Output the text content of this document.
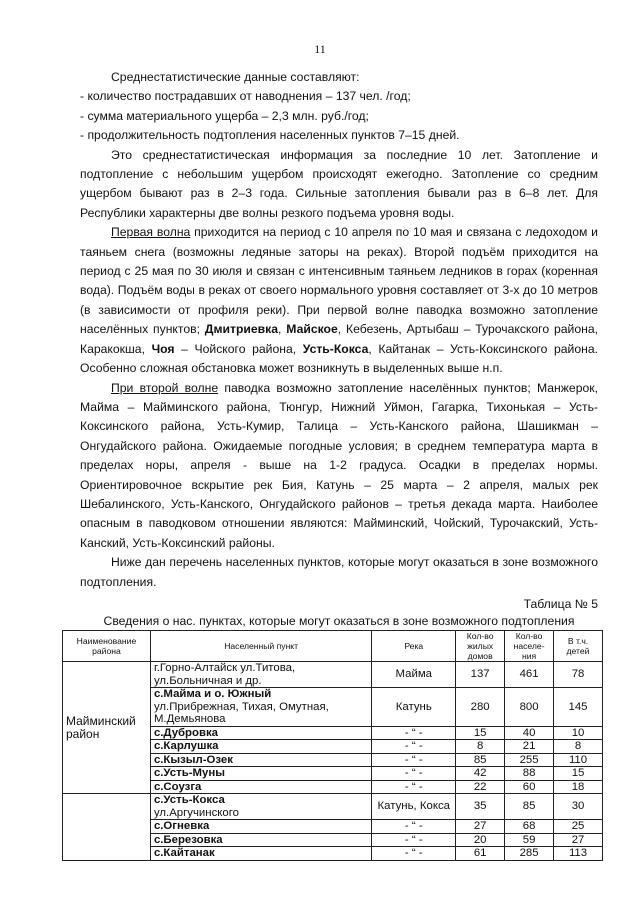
11

Среднестатистические данные составляют:

- количество пострадавших от наводнения – 137 чел. /год;

- сумма материального ущерба – 2,3 млн. руб./год;

- продолжительность подтопления населенных пунктов 7–15 дней.

Это среднестатистическая информация за последние 10 лет. Затопление и подтопление с небольшим ущербом происходят ежегодно. Затопление со средним ущербом бывают раз в 2–3 года. Сильные затопления бывали раз в 6–8 лет. Для Республики характерны две волны резкого подъема уровня воды.

Первая волна приходится на период с 10 апреля по 10 мая и связана с ледоходом и таяньем снега (возможны ледяные заторы на реках). Второй подъём приходится на период с 25 мая по 30 июля и связан с интенсивным таяньем ледников в горах (коренная вода). Подъём воды в реках от своего нормального уровня составляет от 3-х до 10 метров (в зависимости от профиля реки). При первой волне паводка возможно затопление населённых пунктов; Дмитриевка, Майское, Кебезень, Артыбаш – Турочакского района, Каракокша, Чоя – Чойского района, Усть-Кокса, Кайтанак – Усть-Коксинского района. Особенно сложная обстановка может возникнуть в выделенных выше н.п.

При второй волне паводка возможно затопление населённых пунктов; Манжерок, Майма – Майминского района, Тюнгур, Нижний Уймон, Гагарка, Тихонькая – Усть-Коксинского района, Усть-Кумир, Талица – Усть-Канского района, Шашикман – Онгудайского района. Ожидаемые погодные условия; в среднем температура марта в пределах норы, апреля - выше на 1-2 градуса. Осадки в пределах нормы. Ориентировочное вскрытие рек Бия, Катунь – 25 марта – 2 апреля, малых рек Шебалинского, Усть-Канского, Онгудайского районов – третья декада марта. Наиболее опасным в паводковом отношении являются: Майминский, Чойский, Турочакский, Усть-Канский, Усть-Коксинский районы.

Ниже дан перечень населенных пунктов, которые могут оказаться в зоне возможного подтопления.

Таблица № 5
Сведения о нас. пунктах, которые могут оказаться в зоне возможного подтопления
Наименование района	Населенный пункт	Река	Кол-во жилых домов	Кол-во населе-ния	В т.ч. детей
Майминский район	г.Горно-Алтайск ул.Титова,
ул.Больничная и др.	Майма	137	461	78

	с.Майма и о. Южный
ул.Прибрежная, Тихая, Омутная, М.Демьянова	Катунь	280	800	145

	с.Дубровка	- “ -	15	40	10

	с.Карлушка	- “ -	8	21	8

	с.Кызыл-Озек	- “ -	85	255	110

	с.Усть-Муны	- “ -	42	88	15

	с.Соузга	- “ -	22	60	18

	с.Усть-Кокса
ул.Аргучинского	Катунь, Кокса	35	85	30

	с.Огневка	- “ -	27	68	25

	с.Березовка	- “ -	20	59	27

	с.Кайтанак	- “ -	61	285	113
